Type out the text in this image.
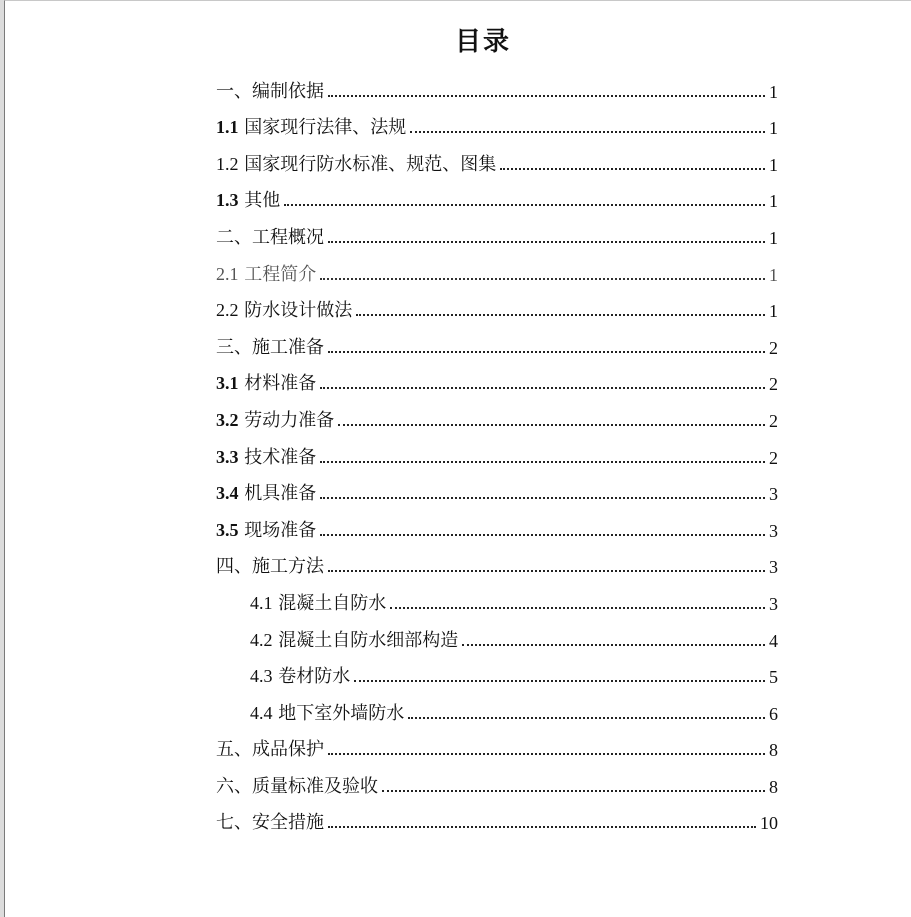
目录
一、编制依据	1
1.1 国家现行法律、法规	1
1.2 国家现行防水标准、规范、图集	1
1.3 其他	1
二、工程概况	1
2.1 工程简介	1
2.2 防水设计做法	1
三、施工准备	2
3.1 材料准备	2
3.2 劳动力准备	2
3.3 技术准备	2
3.4 机具准备	3
3.5 现场准备	3
四、施工方法	3
4.1 混凝土自防水	3
4.2 混凝土自防水细部构造	4
4.3 卷材防水	5
4.4 地下室外墙防水	6
五、成品保护	8
六、质量标准及验收	8
七、安全措施	10
